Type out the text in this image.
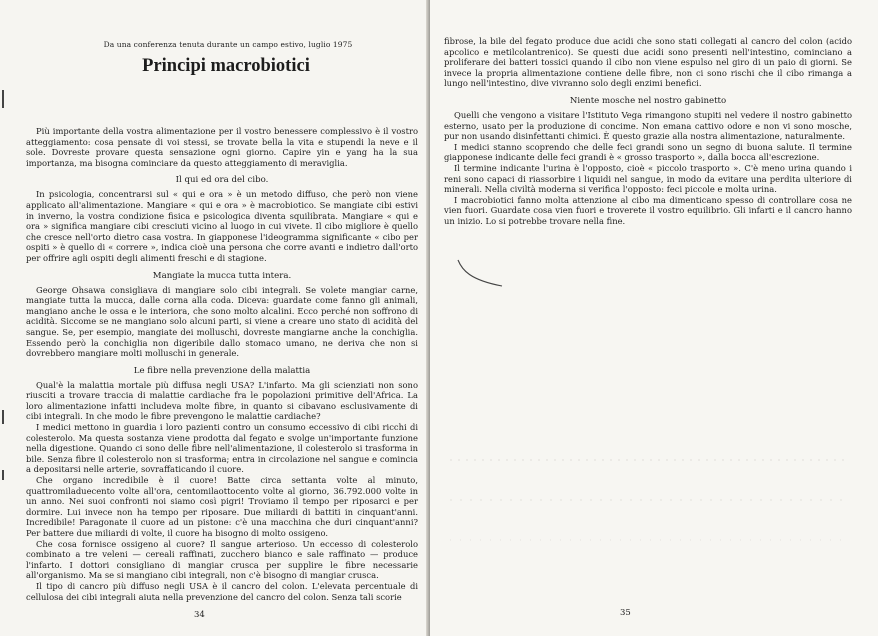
Da una conferenza tenuta durante un campo estivo, luglio 1975
Principi macrobiotici

Più importante della vostra alimentazione per il vostro benessere complessivo è il vostro atteggiamento: cosa pensate di voi stessi, se trovate bella la vita e stupendi la neve e il sole. Dovreste provare questa sensazione ogni giorno. Capire yin e yang ha la sua importanza, ma bisogna cominciare da questo atteggiamento di meraviglia.

Il qui ed ora del cibo.

In psicologia, concentrarsi sul « qui e ora » è un metodo diffuso, che però non viene applicato all'alimentazione. Mangiare « qui e ora » è macrobiotico. Se mangiate cibi estivi in inverno, la vostra condizione fisica e psicologica diventa squilibrata. Mangiare « qui e ora » significa mangiare cibi cresciuti vicino al luogo in cui vivete. Il cibo migliore è quello che cresce nell'orto dietro casa vostra. In giapponese l'ideogramma significante « cibo per ospiti » è quello di « correre », indica cioè una persona che corre avanti e indietro dall'orto per offrire agli ospiti degli alimenti freschi e di stagione.

Mangiate la mucca tutta intera.

George Ohsawa consigliava di mangiare solo cibi integrali. Se volete mangiar carne, mangiate tutta la mucca, dalle corna alla coda. Diceva: guardate come fanno gli animali, mangiano anche le ossa e le interiora, che sono molto alcalini. Ecco perché non soffrono di acidità. Siccome se ne mangiano solo alcuni parti, si viene a creare uno stato di acidità del sangue. Se, per esempio, mangiate dei molluschi, dovreste mangiarne anche la conchiglia. Essendo però la conchiglia non digeribile dallo stomaco umano, ne deriva che non si dovrebbero mangiare molti molluschi in generale.

Le fibre nella prevenzione della malattia

Qual'è la malattia mortale più diffusa negli USA? L'infarto. Ma gli scienziati non sono riusciti a trovare traccia di malattie cardiache fra le popolazioni primitive dell'Africa. La loro alimentazione infatti includeva molte fibre, in quanto si cibavano esclusivamente di cibi integrali. In che modo le fibre prevengono le malattie cardiache?

I medici mettono in guardia i loro pazienti contro un consumo eccessivo di cibi ricchi di colesterolo. Ma questa sostanza viene prodotta dal fegato e svolge un'importante funzione nella digestione. Quando ci sono delle fibre nell'alimentazione, il colesterolo si trasforma in bile. Senza fibre il colesterolo non si trasforma; entra in circolazione nel sangue e comincia a depositarsi nelle arterie, sovraffaticando il cuore.

Che organo incredibile è il cuore! Batte circa settanta volte al minuto, quattromiladuecento volte all'ora, centomilaottocento volte al giorno, 36.792.000 volte in un anno. Nei suoi confronti noi siamo così pigri! Troviamo il tempo per riposarci e per dormire. Lui invece non ha tempo per riposare. Due miliardi di battiti in cinquant'anni. Incredibile! Paragonate il cuore ad un pistone: c'è una macchina che duri cinquant'anni? Per battere due miliardi di volte, il cuore ha bisogno di molto ossigeno.

Che cosa fornisce ossigeno al cuore? Il sangue arterioso. Un eccesso di colesterolo combinato a tre veleni — cereali raffinati, zucchero bianco e sale raffinato — produce l'infarto. I dottori consigliano di mangiar crusca per supplire le fibre necessarie all'organismo. Ma se si mangiano cibi integrali, non c'è bisogno di mangiar crusca.

Il tipo di cancro più diffuso negli USA è il cancro del colon. L'elevata percentuale di cellulosa dei cibi integrali aiuta nella prevenzione del cancro del colon. Senza tali scorie

34

fibrose, la bile del fegato produce due acidi che sono stati collegati al cancro del colon (acido apcolico e metilcolantrenico). Se questi due acidi sono presenti nell'intestino, cominciano a proliferare dei batteri tossici quando il cibo non viene espulso nel giro di un paio di giorni. Se invece la propria alimentazione contiene delle fibre, non ci sono rischi che il cibo rimanga a lungo nell'intestino, dive vivranno solo degli enzimi benefici.

Niente mosche nel nostro gabinetto

Quelli che vengono a visitare l'Istituto Vega rimangono stupiti nel vedere il nostro gabinetto esterno, usato per la produzione di concime. Non emana cattivo odore e non vi sono mosche, pur non usando disinfettanti chimici. È questo grazie alla nostra alimentazione, naturalmente.

I medici stanno scoprendo che delle feci grandi sono un segno di buona salute. Il termine giapponese indicante delle feci grandi è « grosso trasporto », dalla bocca all'escrezione.

Il termine indicante l'urina è l'opposto, cioè « piccolo trasporto ». C'è meno urina quando i reni sono capaci di riassorbire i liquidi nel sangue, in modo da evitare una perdita ulteriore di minerali. Nella civiltà moderna si verifica l'opposto: feci piccole e molta urina.

I macrobiotici fanno molta attenzione al cibo ma dimenticano spesso di controllare cosa ne vien fuori. Guardate cosa vien fuori e troverete il vostro equilibrio. Gli infarti e il cancro hanno un inizio. Lo si potrebbe trovare nella fine.

35
